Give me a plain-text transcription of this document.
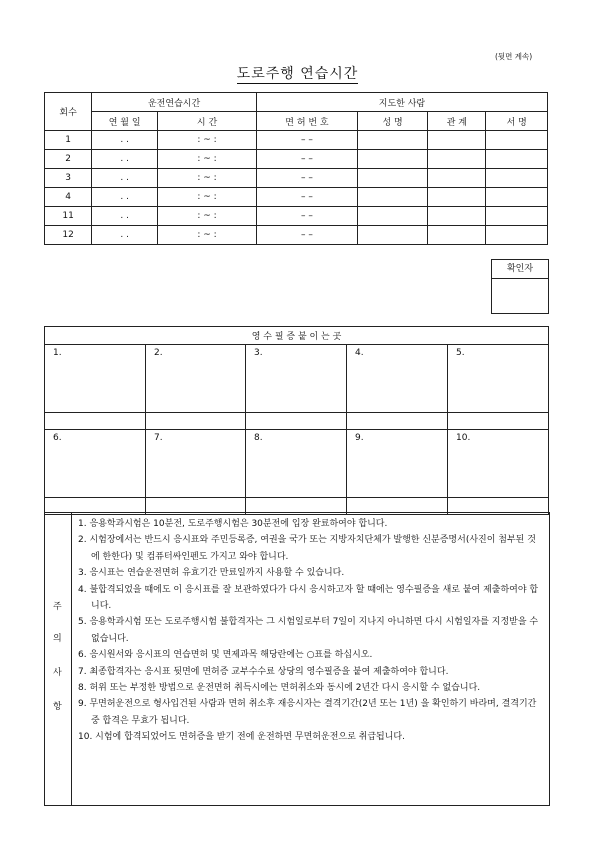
(뒷면 계속)
도로주행 연습시간
회수	운전연습시간		지도한 사람			
	연 월 일	시 간	면 허 번 호	성 명	관 계	서 명
1	. .	: ~ :	– –			
2	. .	: ~ :	– –			
3	. .	: ~ :	– –			
4	. .	: ~ :	– –			
11	. .	: ~ :	– –			
12	. .	: ~ :	– –			
확인자
영 수 필 증 붙 이 는 곳				
1.	2.	3.	4.	5.

6.	7.	8.	9.	10.

주
의
사
항

1. 응용학과시험은 10분전, 도로주행시험은 30분전에 입장 완료하여야 합니다.

2. 시험장에서는 반드시 응시표와 주민등록증, 여권을 국가 또는 지방자치단체가 발행한 신분증명서(사진이 첨부된 것에 한한다) 및 컴퓨터싸인펜도 가지고 와야 합니다.

3. 응시표는 연습운전면허 유효기간 만료일까지 사용할 수 있습니다.

4. 불합격되었을 때에도 이 응시표를 잘 보관하였다가 다시 응시하고자 할 때에는 영수필증을 새로 붙여 제출하여야 합니다.

5. 응용학과시험 또는 도로주행시험 불합격자는 그 시험일로부터 7일이 지나지 아니하면 다시 시험일자를 지정받을 수 없습니다.

6. 응시원서와 응시표의 연습면허 및 면제과목 해당란에는 ○표를 하십시오.

7. 최종합격자는 응시표 뒷면에 면허증 교부수수료 상당의 영수필증을 붙여 제출하여야 합니다.

8. 허위 또는 부정한 방법으로 운전면허 취득시에는 면허취소와 동시에 2년간 다시 응시할 수 없습니다.

9. 무면허운전으로 형사입건된 사람과 면허 취소후 재응시자는 결격기간(2년 또는 1년) 을 확인하기 바라며, 결격기간중 합격은 무효가 됩니다.

10. 시험에 합격되었어도 면허증을 받기 전에 운전하면 무면허운전으로 취급됩니다.
